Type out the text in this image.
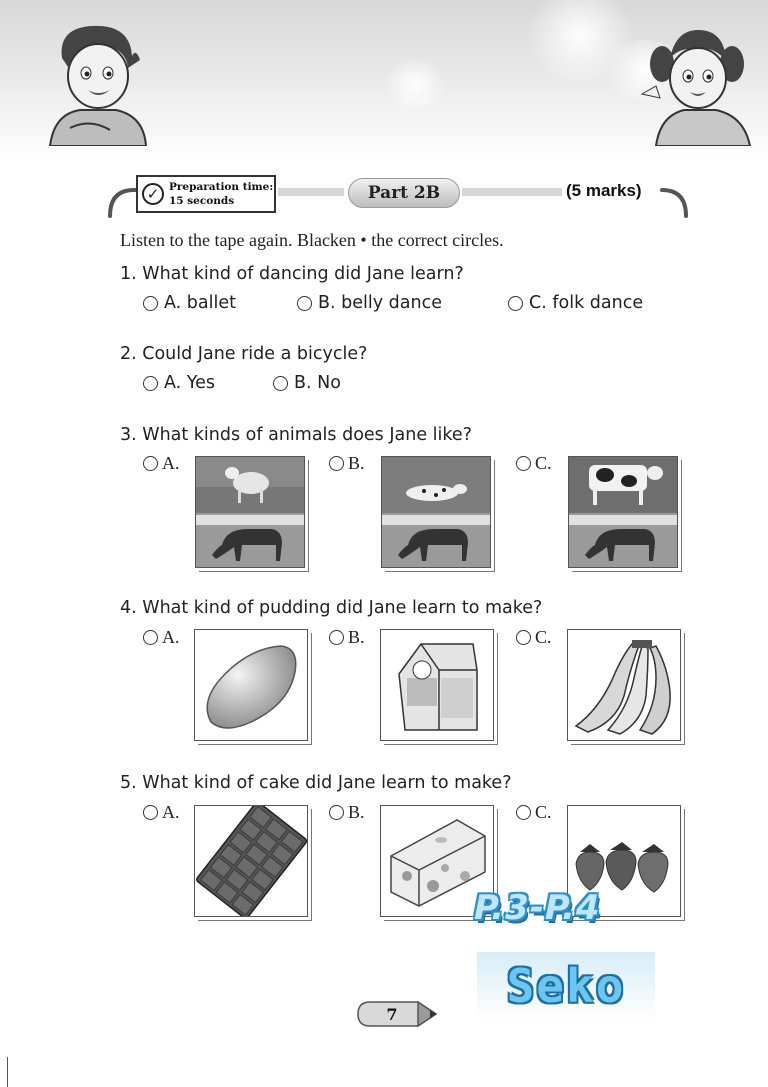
✓ Preparation time:
15 seconds	Part 2B	(5 marks)
Listen to the tape again. Blacken • the correct circles.
1. What kind of dancing did Jane learn?
A. ballet	B. belly dance	C. folk dance
2. Could Jane ride a bicycle?
A. Yes	B. No
3. What kinds of animals does Jane like?
A.	B.	C.
4. What kind of pudding did Jane learn to make?
A.	B.	C.
5. What kind of cake did Jane learn to make?
A.	B.	C.
P.3-P.4
Seko
7
